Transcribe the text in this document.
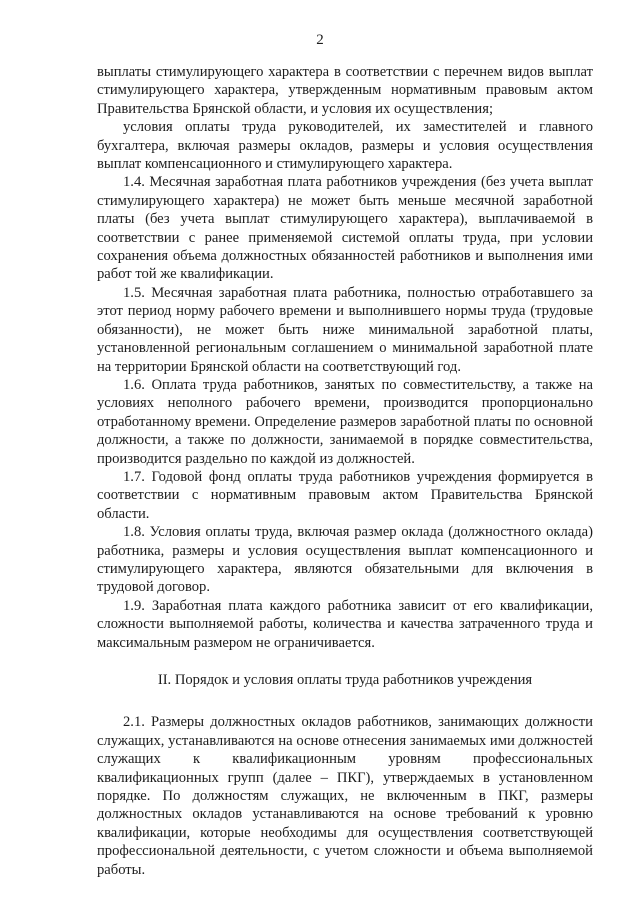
2

выплаты стимулирующего характера в соответствии с перечнем видов выплат стимулирующего характера, утвержденным нормативным правовым актом Правительства Брянской области, и условия их осуществления;

условия оплаты труда руководителей, их заместителей и главного бухгалтера, включая размеры окладов, размеры и условия осуществления выплат компенсационного и стимулирующего характера.

1.4. Месячная заработная плата работников учреждения (без учета выплат стимулирующего характера) не может быть меньше месячной заработной платы (без учета выплат стимулирующего характера), выплачиваемой в соответствии с ранее применяемой системой оплаты труда, при условии сохранения объема должностных обязанностей работников и выполнения ими работ той же квалификации.

1.5. Месячная заработная плата работника, полностью отработавшего за этот период норму рабочего времени и выполнившего нормы труда (трудовые обязанности), не может быть ниже минимальной заработной платы, установленной региональным соглашением о минимальной заработной плате на территории Брянской области на соответствующий год.

1.6. Оплата труда работников, занятых по совместительству, а также на условиях неполного рабочего времени, производится пропорционально отработанному времени. Определение размеров заработной платы по основной должности, а также по должности, занимаемой в порядке совместительства, производится раздельно по каждой из должностей.

1.7. Годовой фонд оплаты труда работников учреждения формируется в соответствии с нормативным правовым актом Правительства Брянской области.

1.8. Условия оплаты труда, включая размер оклада (должностного оклада) работника, размеры и условия осуществления выплат компенсационного и стимулирующего характера, являются обязательными для включения в трудовой договор.

1.9. Заработная плата каждого работника зависит от его квалификации, сложности выполняемой работы, количества и качества затраченного труда и максимальным размером не ограничивается.

II. Порядок и условия оплаты труда работников учреждения

2.1. Размеры должностных окладов работников, занимающих должности служащих, устанавливаются на основе отнесения занимаемых ими должностей служащих к квалификационным уровням профессиональных квалификационных групп (далее – ПКГ), утверждаемых в установленном порядке. По должностям служащих, не включенным в ПКГ, размеры должностных окладов устанавливаются на основе требований к уровню квалификации, которые необходимы для осуществления соответствующей профессиональной деятельности, с учетом сложности и объема выполняемой работы.
